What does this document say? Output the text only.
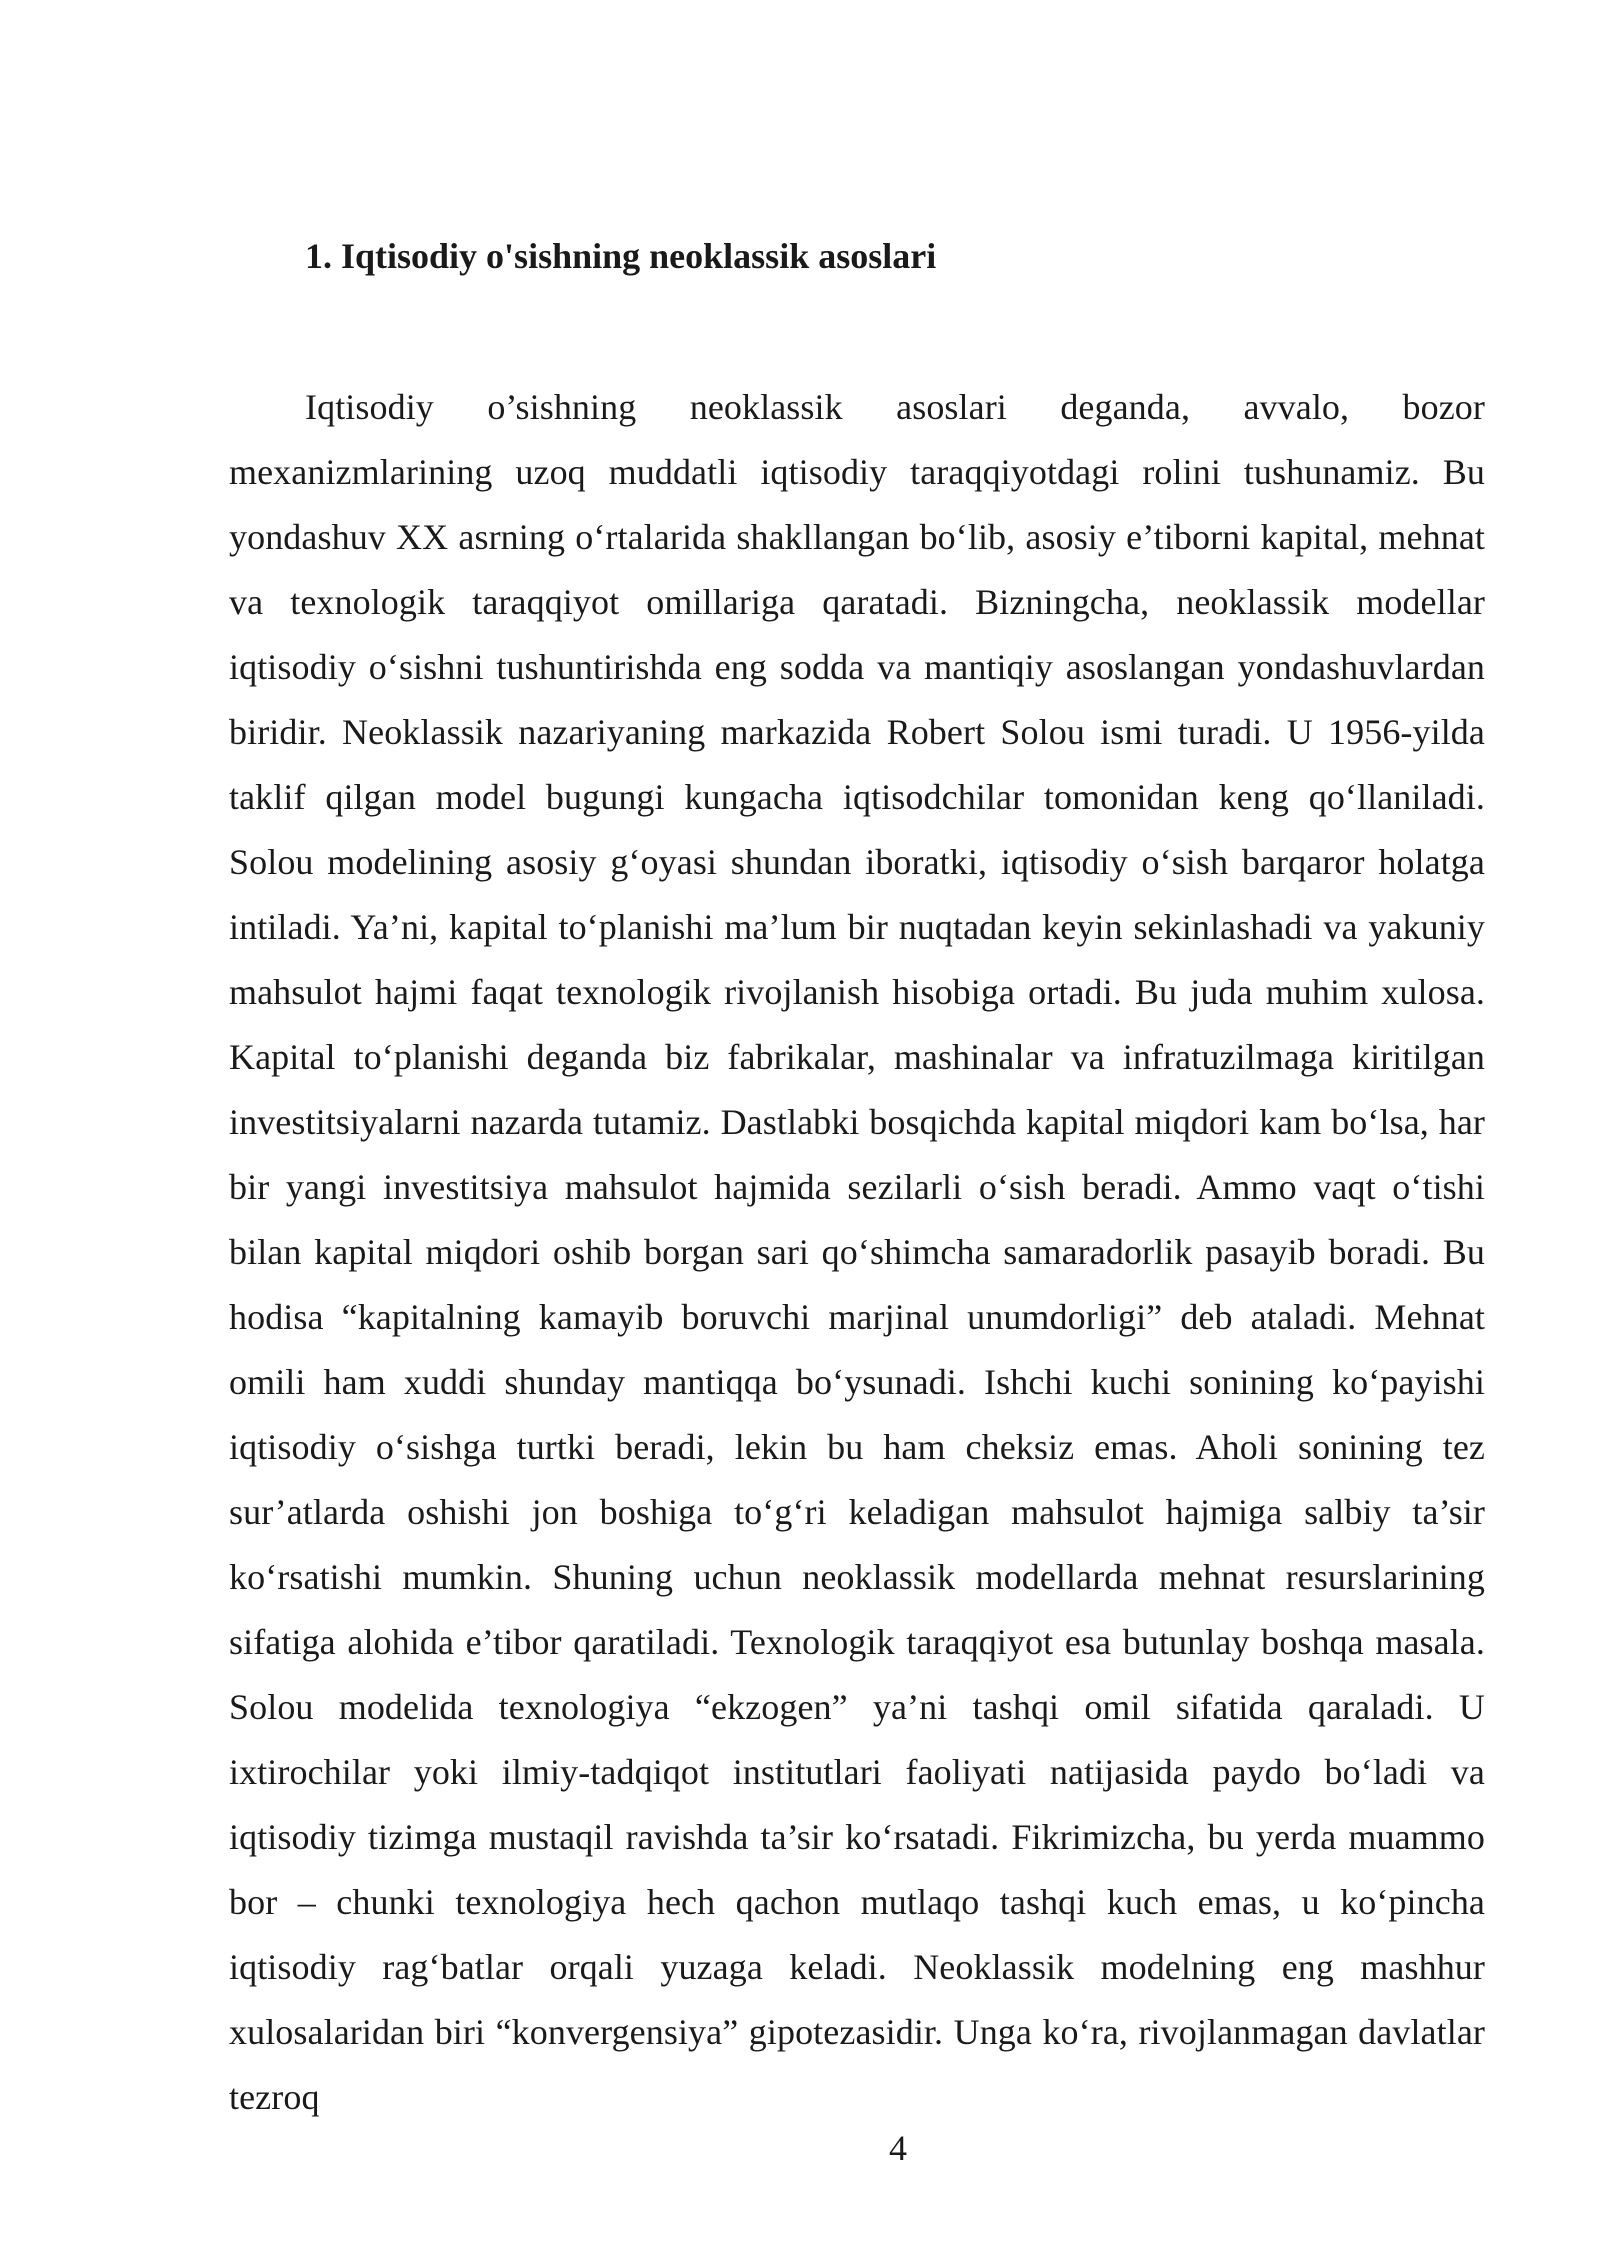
1. Iqtisodiy o'sishning neoklassik asoslari

Iqtisodiy o’sishning neoklassik asoslari deganda, avvalo, bozor mexanizmlarining uzoq muddatli iqtisodiy taraqqiyotdagi rolini tushunamiz. Bu yondashuv XX asrning o‘rtalarida shakllangan bo‘lib, asosiy e’tiborni kapital, mehnat va texnologik taraqqiyot omillariga qaratadi. Bizningcha, neoklassik modellar iqtisodiy o‘sishni tushuntirishda eng sodda va mantiqiy asoslangan yondashuvlardan biridir. Neoklassik nazariyaning markazida Robert Solou ismi turadi. U 1956-yilda taklif qilgan model bugungi kungacha iqtisodchilar tomonidan keng qo‘llaniladi. Solou modelining asosiy g‘oyasi shundan iboratki, iqtisodiy o‘sish barqaror holatga intiladi. Ya’ni, kapital to‘planishi ma’lum bir nuqtadan keyin sekinlashadi va yakuniy mahsulot hajmi faqat texnologik rivojlanish hisobiga ortadi. Bu juda muhim xulosa. Kapital to‘planishi deganda biz fabrikalar, mashinalar va infratuzilmaga kiritilgan investitsiyalarni nazarda tutamiz. Dastlabki bosqichda kapital miqdori kam bo‘lsa, har bir yangi investitsiya mahsulot hajmida sezilarli o‘sish beradi. Ammo vaqt o‘tishi bilan kapital miqdori oshib borgan sari qo‘shimcha samaradorlik pasayib boradi. Bu hodisa “kapitalning kamayib boruvchi marjinal unumdorligi” deb ataladi. Mehnat omili ham xuddi shunday mantiqqa bo‘ysunadi. Ishchi kuchi sonining ko‘payishi iqtisodiy o‘sishga turtki beradi, lekin bu ham cheksiz emas. Aholi sonining tez sur’atlarda oshishi jon boshiga to‘g‘ri keladigan mahsulot hajmiga salbiy ta’sir ko‘rsatishi mumkin. Shuning uchun neoklassik modellarda mehnat resurslarining sifatiga alohida e’tibor qaratiladi. Texnologik taraqqiyot esa butunlay boshqa masala. Solou modelida texnologiya “ekzogen” ya’ni tashqi omil sifatida qaraladi. U ixtirochilar yoki ilmiy-tadqiqot institutlari faoliyati natijasida paydo bo‘ladi va iqtisodiy tizimga mustaqil ravishda ta’sir ko‘rsatadi. Fikrimizcha, bu yerda muammo bor – chunki texnologiya hech qachon mutlaqo tashqi kuch emas, u ko‘pincha iqtisodiy rag‘batlar orqali yuzaga keladi. Neoklassik modelning eng mashhur xulosalaridan biri “konvergensiya” gipotezasidir. Unga ko‘ra, rivojlanmagan davlatlar tezroq

4
